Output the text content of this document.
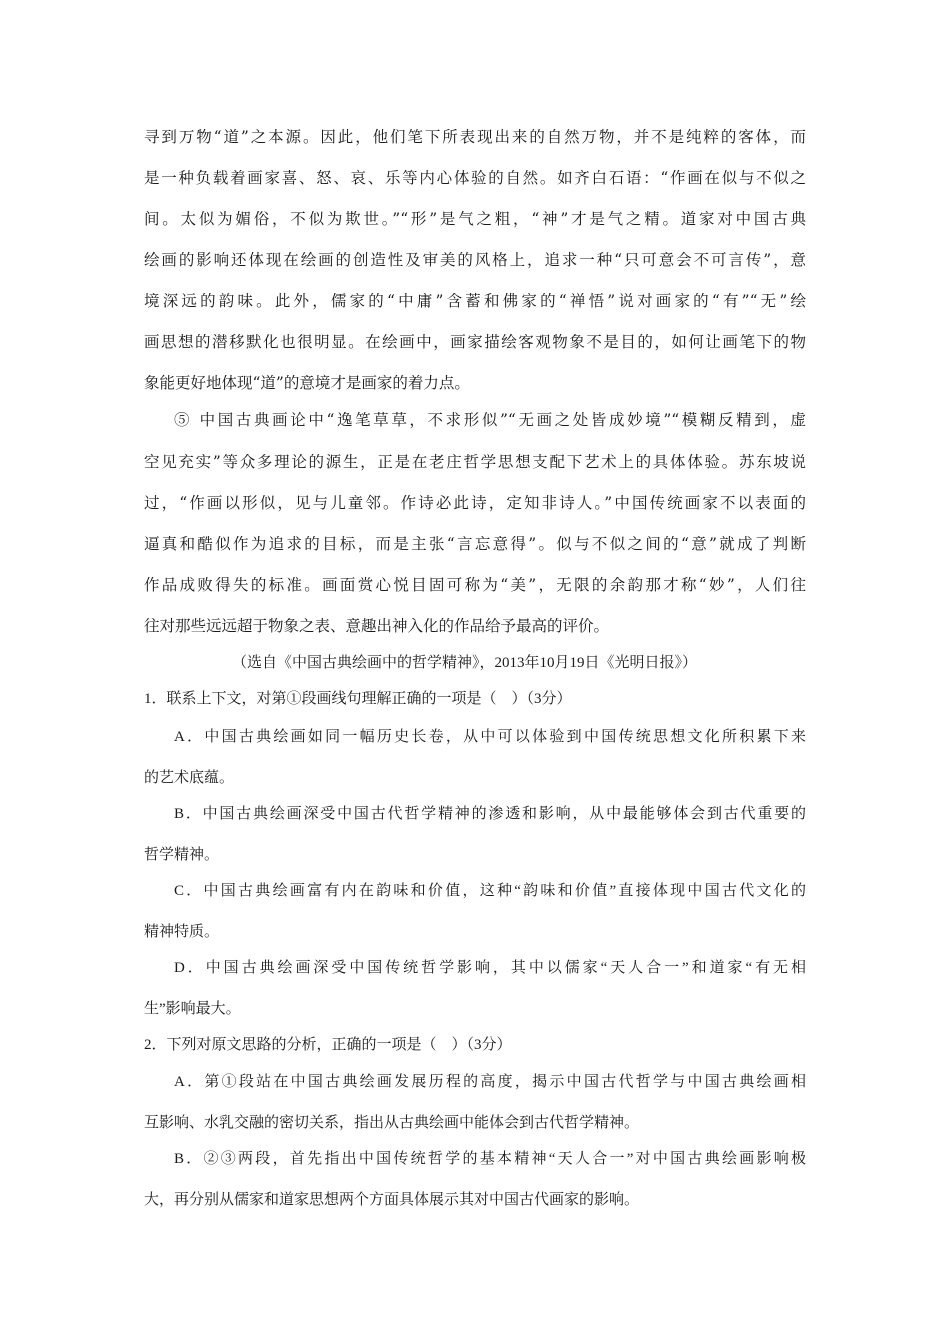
寻到万物“道”之本源。因此，他们笔下所表现出来的自然万物，并不是纯粹的客体，而
是一种负载着画家喜、怒、哀、乐等内心体验的自然。如齐白石语：“作画在似与不似之
间。太似为媚俗，不似为欺世。”“形”是气之粗，“神”才是气之精。道家对中国古典
绘画的影响还体现在绘画的创造性及审美的风格上，追求一种“只可意会不可言传”，意
境深远的韵味。此外，儒家的“中庸”含蓄和佛家的“禅悟”说对画家的“有”“无”绘
画思想的潜移默化也很明显。在绘画中，画家描绘客观物象不是目的，如何让画笔下的物
象能更好地体现“道”的意境才是画家的着力点。
⑤ 中国古典画论中“逸笔草草，不求形似”“无画之处皆成妙境”“模糊反精到，虚
空见充实”等众多理论的源生，正是在老庄哲学思想支配下艺术上的具体体验。苏东坡说
过，“作画以形似，见与儿童邻。作诗必此诗，定知非诗人。”中国传统画家不以表面的
逼真和酷似作为追求的目标，而是主张“言忘意得”。似与不似之间的“意”就成了判断
作品成败得失的标准。画面赏心悦目固可称为“美”，无限的余韵那才称“妙”，人们往
往对那些远远超于物象之表、意趣出神入化的作品给予最高的评价。
（选自《中国古典绘画中的哲学精神》，2013年10月19日《光明日报》）
1．联系上下文，对第①段画线句理解正确的一项是（　）（3分）
A．中国古典绘画如同一幅历史长卷，从中可以体验到中国传统思想文化所积累下来
的艺术底蕴。
B．中国古典绘画深受中国古代哲学精神的渗透和影响，从中最能够体会到古代重要的
哲学精神。
C．中国古典绘画富有内在韵味和价值，这种“韵味和价值”直接体现中国古代文化的
精神特质。
D．中国古典绘画深受中国传统哲学影响，其中以儒家“天人合一”和道家“有无相
生”影响最大。
2．下列对原文思路的分析，正确的一项是（　）（3分）
A．第①段站在中国古典绘画发展历程的高度，揭示中国古代哲学与中国古典绘画相
互影响、水乳交融的密切关系，指出从古典绘画中能体会到古代哲学精神。
B．②③两段，首先指出中国传统哲学的基本精神“天人合一”对中国古典绘画影响极
大，再分别从儒家和道家思想两个方面具体展示其对中国古代画家的影响。
